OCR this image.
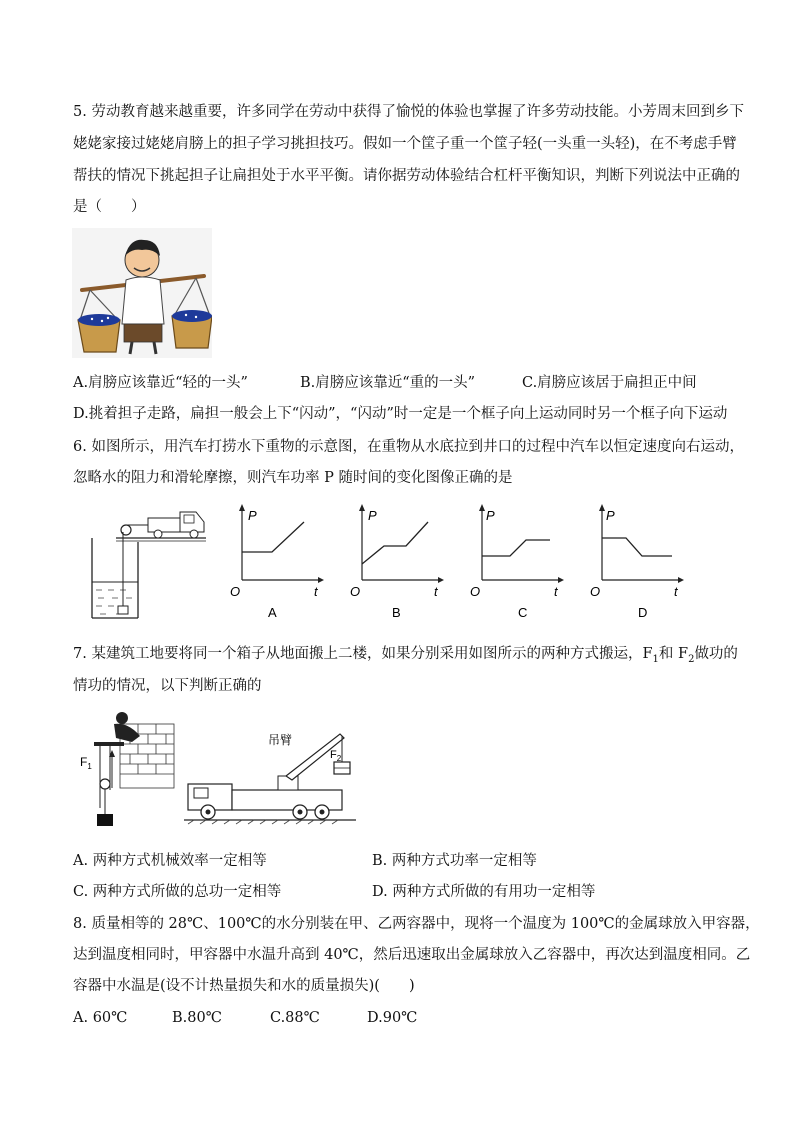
5. 劳动教育越来越重要，许多同学在劳动中获得了愉悦的体验也掌握了许多劳动技能。小芳周末回到乡下
姥姥家接过姥姥肩膀上的担子学习挑担技巧。假如一个筐子重一个筐子轻(一头重一头轻)，在不考虑手臂
帮扶的情况下挑起担子让扁担处于水平平衡。请你据劳动体验结合杠杆平衡知识，判断下列说法中正确的
是（　　）
A.肩膀应该靠近“轻的一头”	B.肩膀应该靠近“重的一头”	C.肩膀应该居于扁担正中间
D.挑着担子走路，扁担一般会上下“闪动”，“闪动”时一定是一个框子向上运动同时另一个框子向下运动
6. 如图所示，用汽车打捞水下重物的示意图，在重物从水底拉到井口的过程中汽车以恒定速度向右运动，
忽略水的阻力和滑轮摩擦，则汽车功率 P 随时间的变化图像正确的是
P
t
O
A
P
t
O
B
P
t
O
C
P
t
O
D
7. 某建筑工地要将同一个箱子从地面搬上二楼，如果分别采用如图所示的两种方式搬运，$F_1$和 $F_2$做功的
情功的情况，以下判断正确的
$F_1$
吊臂
$F_2$
A. 两种方式机械效率一定相等	B. 两种方式功率一定相等
C. 两种方式所做的总功一定相等	D. 两种方式所做的有用功一定相等
8. 质量相等的 28℃、100℃的水分别装在甲、乙两容器中，现将一个温度为 100℃的金属球放入甲容器，
达到温度相同时，甲容器中水温升高到 40℃，然后迅速取出金属球放入乙容器中，再次达到温度相同。乙
容器中水温是(设不计热量损失和水的质量损失)(　　)
A. 60℃	B.80℃	C.88℃	D.90℃
